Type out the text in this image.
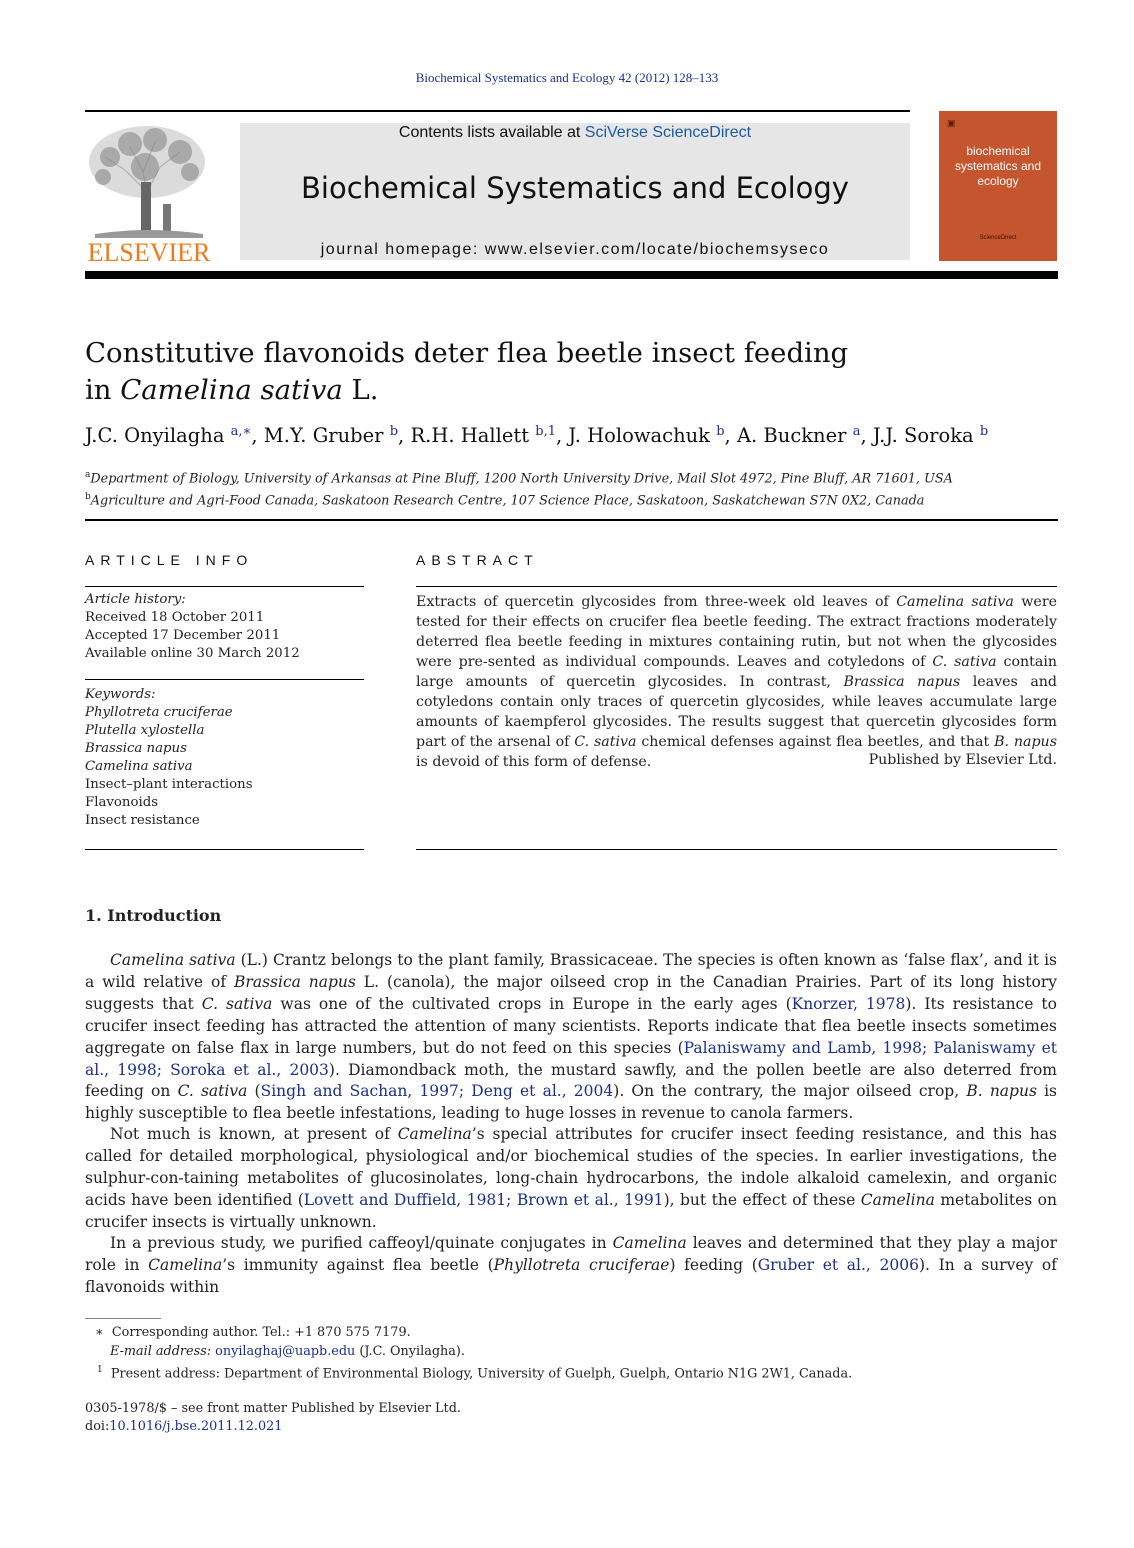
Biochemical Systematics and Ecology 42 (2012) 128–133
ELSEVIER
Contents lists available at SciVerse ScienceDirect
Biochemical Systematics and Ecology
journal homepage: www.elsevier.com/locate/biochemsyseco
▣
biochemical systematics and ecology
ScienceDirect
Constitutive flavonoids deter flea beetle insect feeding
in Camelina sativa L.
J.C. Onyilagha $^{a,∗}$, M.Y. Gruber $^b$, R.H. Hallett $^{b,1}$, J. Holowachuk $^b$, A. Buckner $^a$, J.J. Soroka $^b$
$^a$Department of Biology, University of Arkansas at Pine Bluff, 1200 North University Drive, Mail Slot 4972, Pine Bluff, AR 71601, USA
$^b$Agriculture and Agri-Food Canada, Saskatoon Research Centre, 107 Science Place, Saskatoon, Saskatchewan S7N 0X2, Canada
ARTICLE INFO	ABSTRACT
Article history:
Received 18 October 2011
Accepted 17 December 2011
Available online 30 March 2012
Keywords:
Phyllotreta cruciferae
Plutella xylostella
Brassica napus
Camelina sativa
Insect–plant interactions
Flavonoids
Insect resistance
Extracts of quercetin glycosides from three-week old leaves of Camelina sativa were tested for their effects on crucifer flea beetle feeding. The extract fractions moderately deterred flea beetle feeding in mixtures containing rutin, but not when the glycosides were pre-sented as individual compounds. Leaves and cotyledons of C. sativa contain large amounts of quercetin glycosides. In contrast, Brassica napus leaves and cotyledons contain only traces of quercetin glycosides, while leaves accumulate large amounts of kaempferol glycosides. The results suggest that quercetin glycosides form part of the arsenal of C. sativa chemical defenses against flea beetles, and that B. napus is devoid of this form of defense.	Published by Elsevier Ltd.
1. Introduction
Camelina sativa (L.) Crantz belongs to the plant family, Brassicaceae. The species is often known as ‘false flax’, and it is a wild relative of Brassica napus L. (canola), the major oilseed crop in the Canadian Prairies. Part of its long history suggests that C. sativa was one of the cultivated crops in Europe in the early ages (Knorzer, 1978). Its resistance to crucifer insect feeding has attracted the attention of many scientists. Reports indicate that flea beetle insects sometimes aggregate on false flax in large numbers, but do not feed on this species (Palaniswamy and Lamb, 1998; Palaniswamy et al., 1998; Soroka et al., 2003). Diamondback moth, the mustard sawfly, and the pollen beetle are also deterred from feeding on C. sativa (Singh and Sachan, 1997; Deng et al., 2004). On the contrary, the major oilseed crop, B. napus is highly susceptible to flea beetle infestations, leading to huge losses in revenue to canola farmers.
Not much is known, at present of Camelina’s special attributes for crucifer insect feeding resistance, and this has called for detailed morphological, physiological and/or biochemical studies of the species. In earlier investigations, the sulphur-con-taining metabolites of glucosinolates, long-chain hydrocarbons, the indole alkaloid camelexin, and organic acids have been identified (Lovett and Duffield, 1981; Brown et al., 1991), but the effect of these Camelina metabolites on crucifer insects is virtually unknown.
In a previous study, we purified caffeoyl/quinate conjugates in Camelina leaves and determined that they play a major role in Camelina’s immunity against flea beetle (Phyllotreta cruciferae) feeding (Gruber et al., 2006). In a survey of flavonoids within
∗ Corresponding author. Tel.: +1 870 575 7179.
E-mail address: onyilaghaj@uapb.edu (J.C. Onyilagha).
$^1$ Present address: Department of Environmental Biology, University of Guelph, Guelph, Ontario N1G 2W1, Canada.
0305-1978/$ – see front matter Published by Elsevier Ltd.
doi:10.1016/j.bse.2011.12.021
